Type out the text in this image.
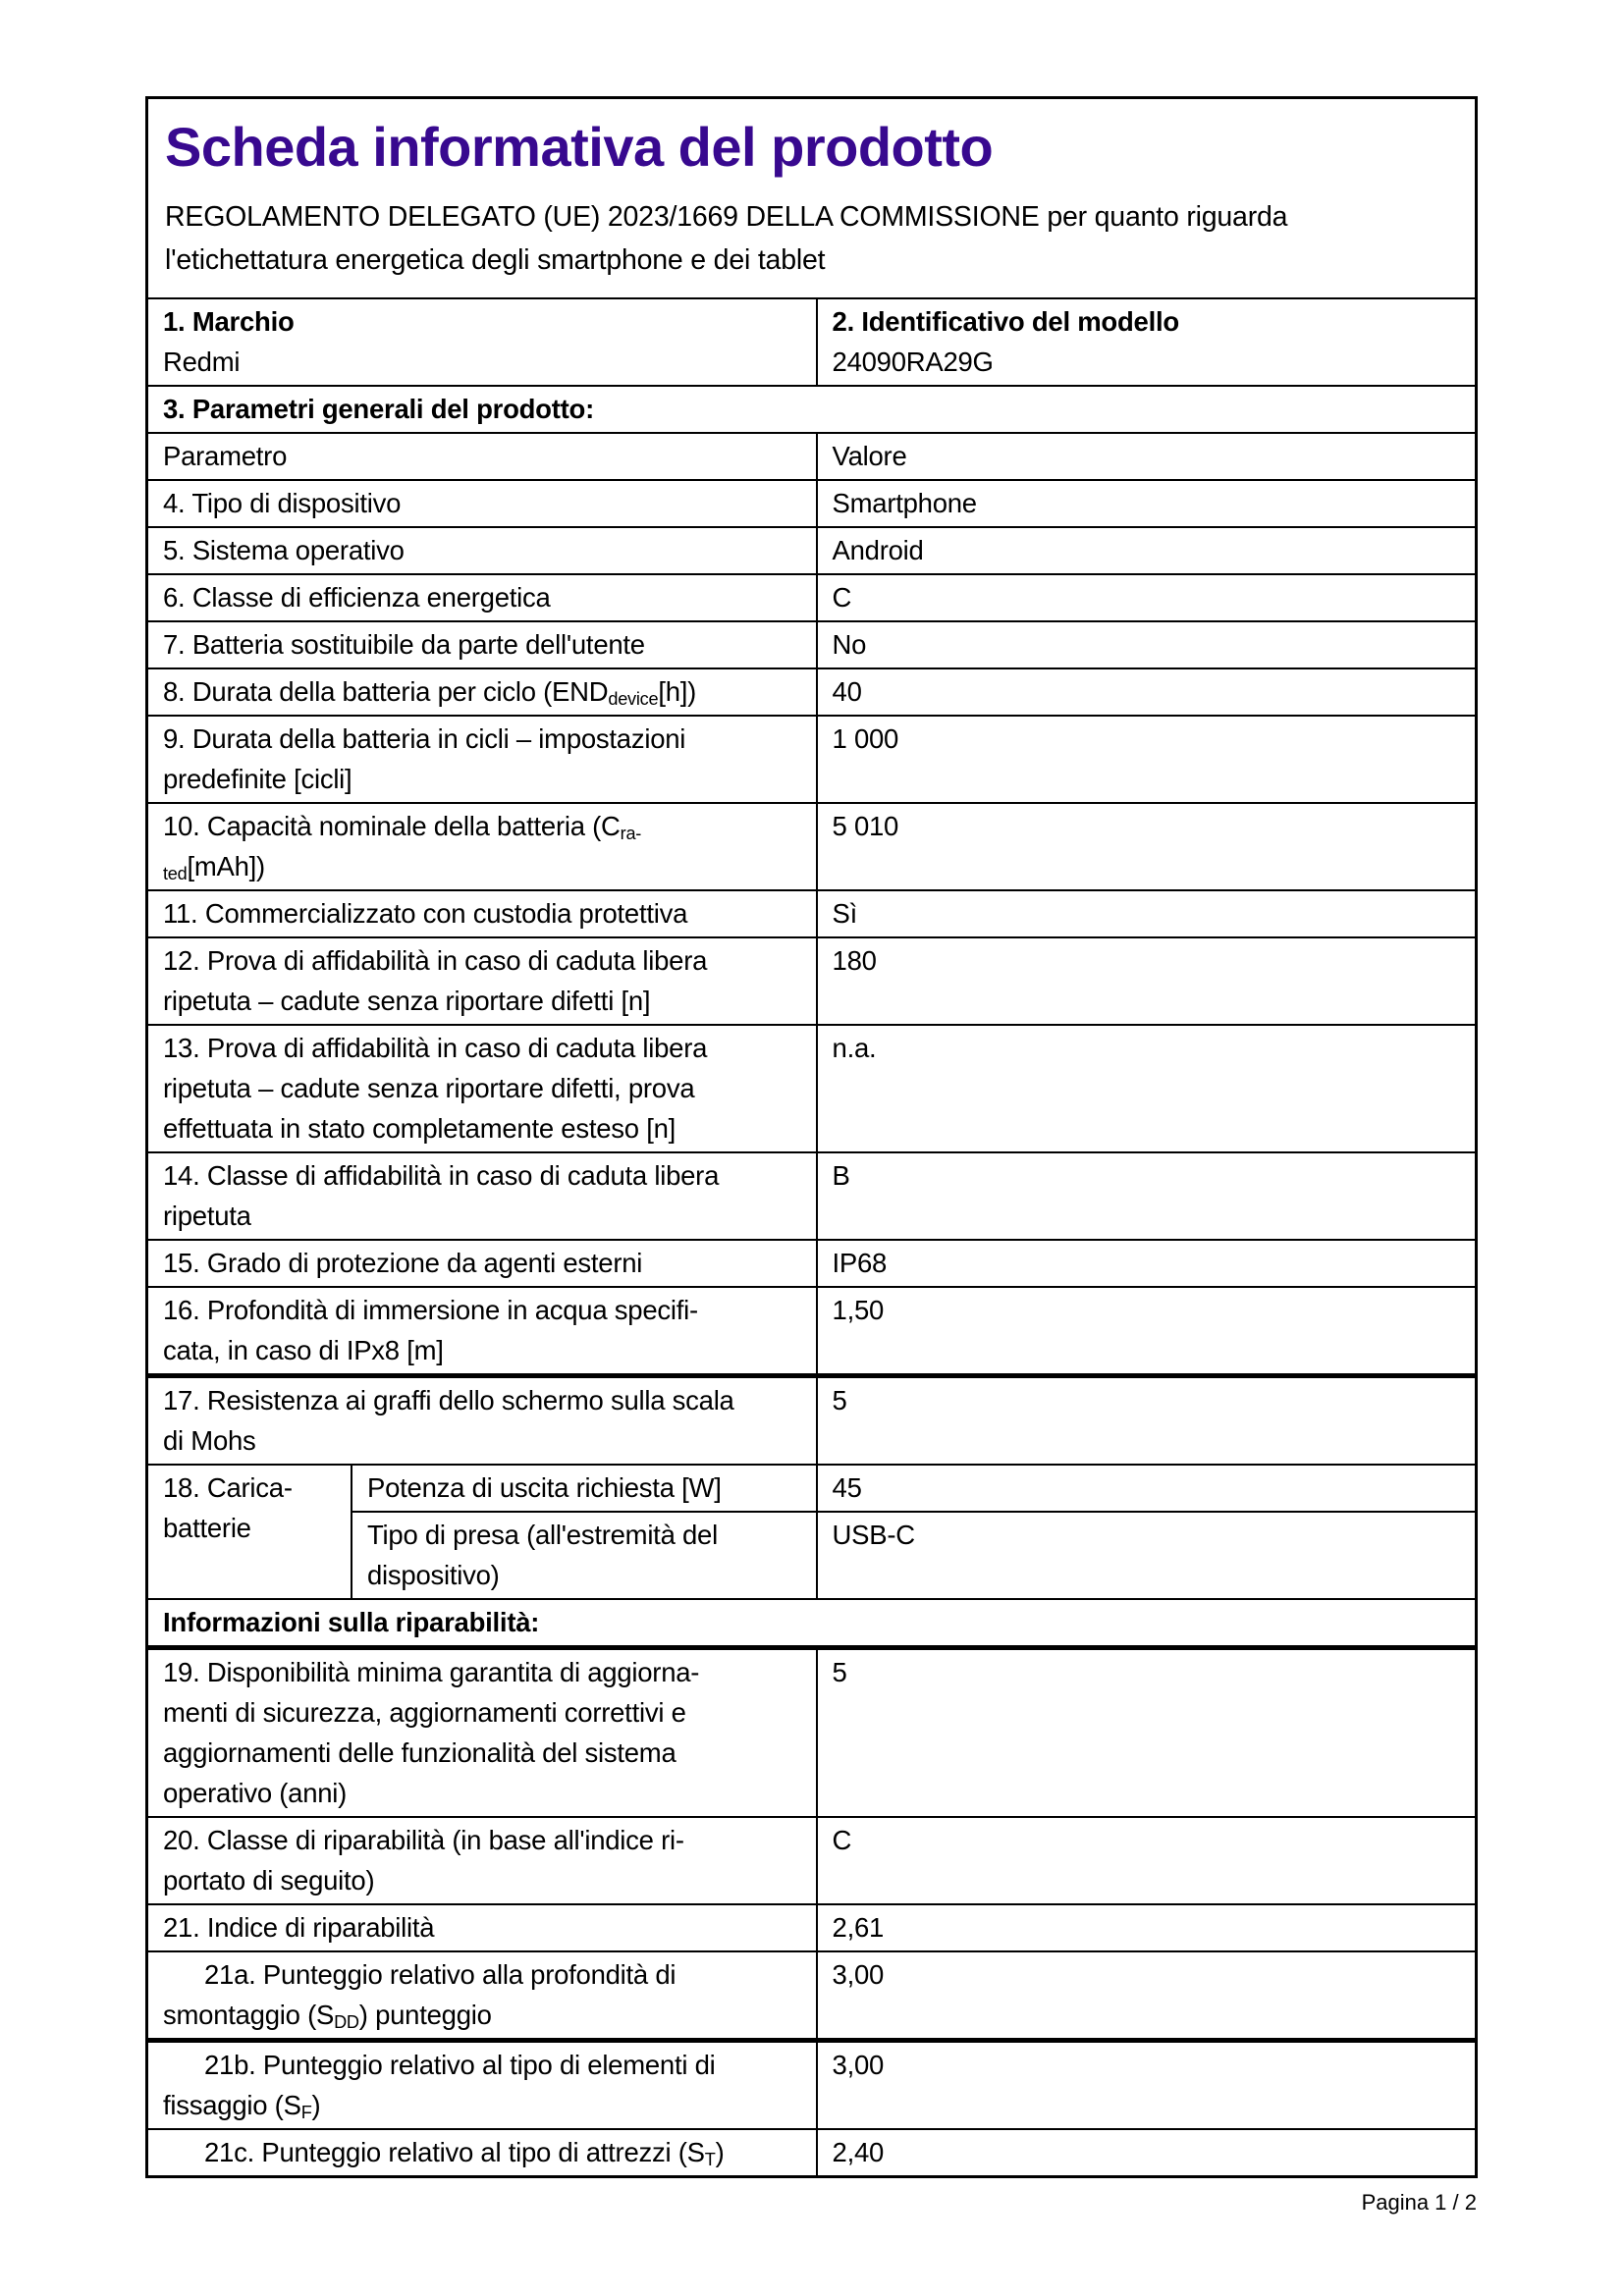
Scheda informativa del prodotto

REGOLAMENTO DELEGATO (UE) 2023/1669 DELLA COMMISSIONE per quanto riguarda
l'etichettatura energetica degli smartphone e dei tablet

1. Marchio
Redmi

2. Identificativo del modello
24090RA29G

3. Parametri generali del prodotto:		

Parametro		Valore

4. Tipo di dispositivo		Smartphone

5. Sistema operativo		Android

6. Classe di efficienza energetica		C

7. Batteria sostituibile da parte dell'utente		No

8. Durata della batteria per ciclo $(END_{device}[h])$		40

9. Durata della batteria in cicli – impostazioni
predefinite [cicli]		1 000

10. Capacità nominale della batteria ($C_{ra-}$
$_{ted}$[mAh])		5 010

11. Commercializzato con custodia protettiva		Sì

12. Prova di affidabilità in caso di caduta libera
ripetuta – cadute senza riportare difetti [n]		180

13. Prova di affidabilità in caso di caduta libera
ripetuta – cadute senza riportare difetti, prova
effettuata in stato completamente esteso [n]		n.a.

14. Classe di affidabilità in caso di caduta libera
ripetuta		B

15. Grado di protezione da agenti esterni		IP68

16. Profondità di immersione in acqua specifi-
cata, in caso di IPx8 [m]		1,50

17. Resistenza ai graffi dello schermo sulla scala
di Mohs		5

18. Carica-
batterie	Potenza di uscita richiesta [W]	45

	Tipo di presa (all'estremità del
dispositivo)	USB-C
Informazioni sulla riparabilità:		

19. Disponibilità minima garantita di aggiorna-
menti di sicurezza, aggiornamenti correttivi e
aggiornamenti delle funzionalità del sistema
operativo (anni)		5

20. Classe di riparabilità (in base all'indice ri-
portato di seguito)		C

21. Indice di riparabilità		2,61

21a. Punteggio relativo alla profondità di
smontaggio $(S_{DD})$ punteggio		3,00

21b. Punteggio relativo al tipo di elementi di
fissaggio $(S_F)$		3,00

21c. Punteggio relativo al tipo di attrezzi $(S_T)$		2,40
Pagina 1 / 2
